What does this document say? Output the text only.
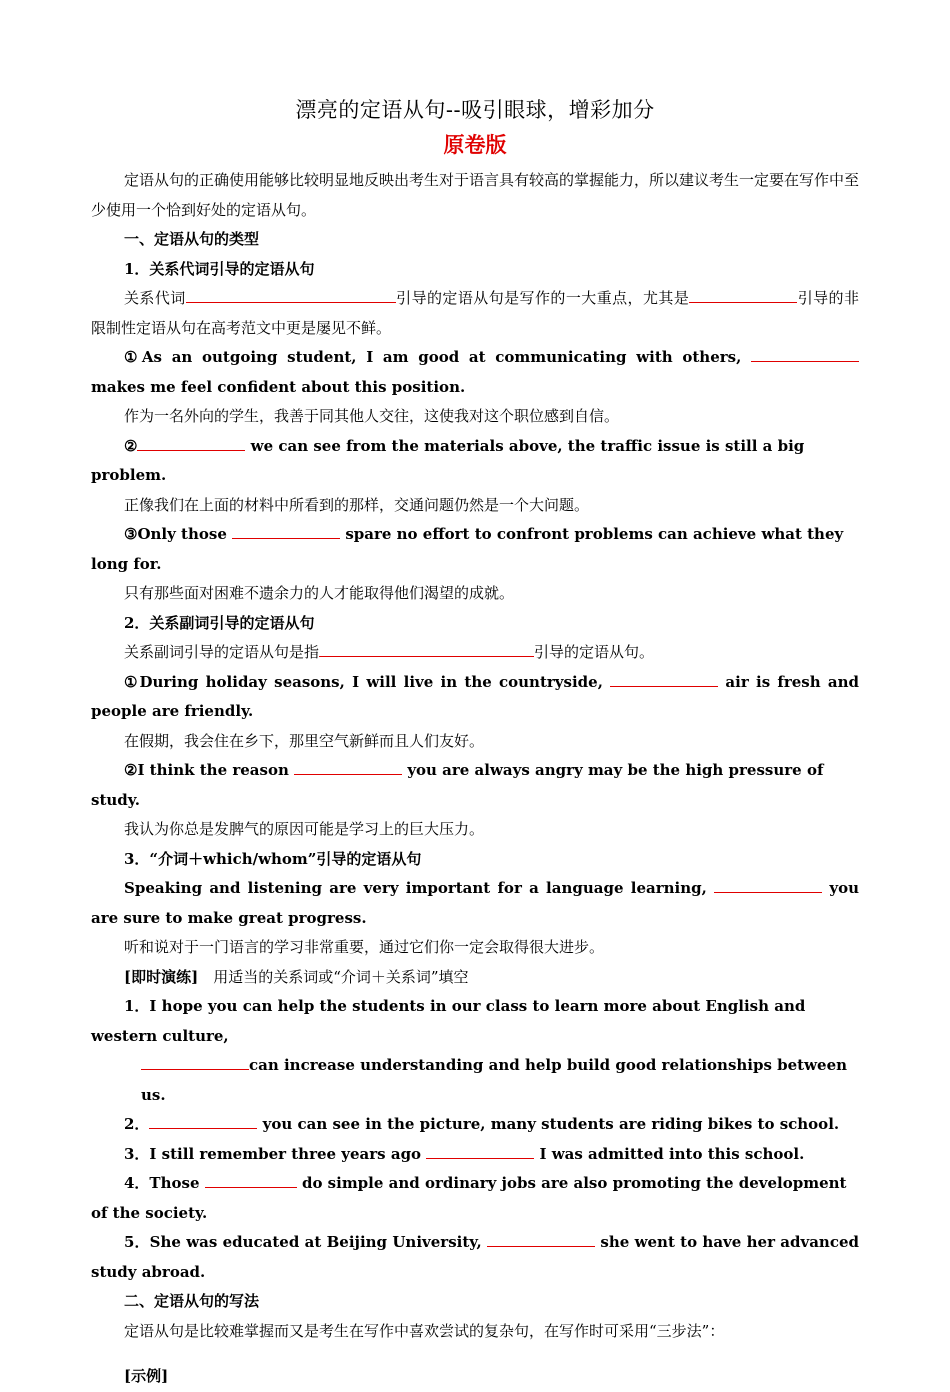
漂亮的定语从句--吸引眼球，增彩加分
原卷版

定语从句的正确使用能够比较明显地反映出考生对于语言具有较高的掌握能力，所以建议考生一定要在写作中至少使用一个恰到好处的定语从句。

一、定语从句的类型

1．关系代词引导的定语从句

关系代词	引导的定语从句是写作的一大重点，尤其是	引导的非限制性定语从句在高考范文中更是屡见不鲜。

①As an outgoing student, I am good at communicating with others,  makes me feel confident about this position.

作为一名外向的学生，我善于同其他人交往，这使我对这个职位感到自信。

②	we can see from the materials above, the traffic issue is still a big problem.

正像我们在上面的材料中所看到的那样，交通问题仍然是一个大问题。

③Only those	spare no effort to confront problems can achieve what they long for.

只有那些面对困难不遗余力的人才能取得他们渴望的成就。

2．关系副词引导的定语从句

关系副词引导的定语从句是指	引导的定语从句。

①During holiday seasons, I will live in the countryside,	air is fresh and people are friendly.

在假期，我会住在乡下，那里空气新鲜而且人们友好。

②I think the reason	you are always angry may be the high pressure of study.

我认为你总是发脾气的原因可能是学习上的巨大压力。

3．“介词＋which/whom”引导的定语从句

Speaking and listening are very important for a language learning,	you are sure to make great progress.

听和说对于一门语言的学习非常重要，通过它们你一定会取得很大进步。

[即时演练]　用适当的关系词或“介词＋关系词”填空

1．I hope you can help the students in our class to learn more about English and western culture,

can increase understanding and help build good relationships between us.

2．	you can see in the picture, many students are riding bikes to school.

3．I still remember three years ago	I was admitted into this school.

4．Those	do simple and ordinary jobs are also promoting the development of the society.

5．She was educated at Beijing University,	she went to have her advanced study abroad.

二、定语从句的写法

定语从句是比较难掌握而又是考生在写作中喜欢尝试的复杂句，在写作时可采用“三步法”：

[示例]
